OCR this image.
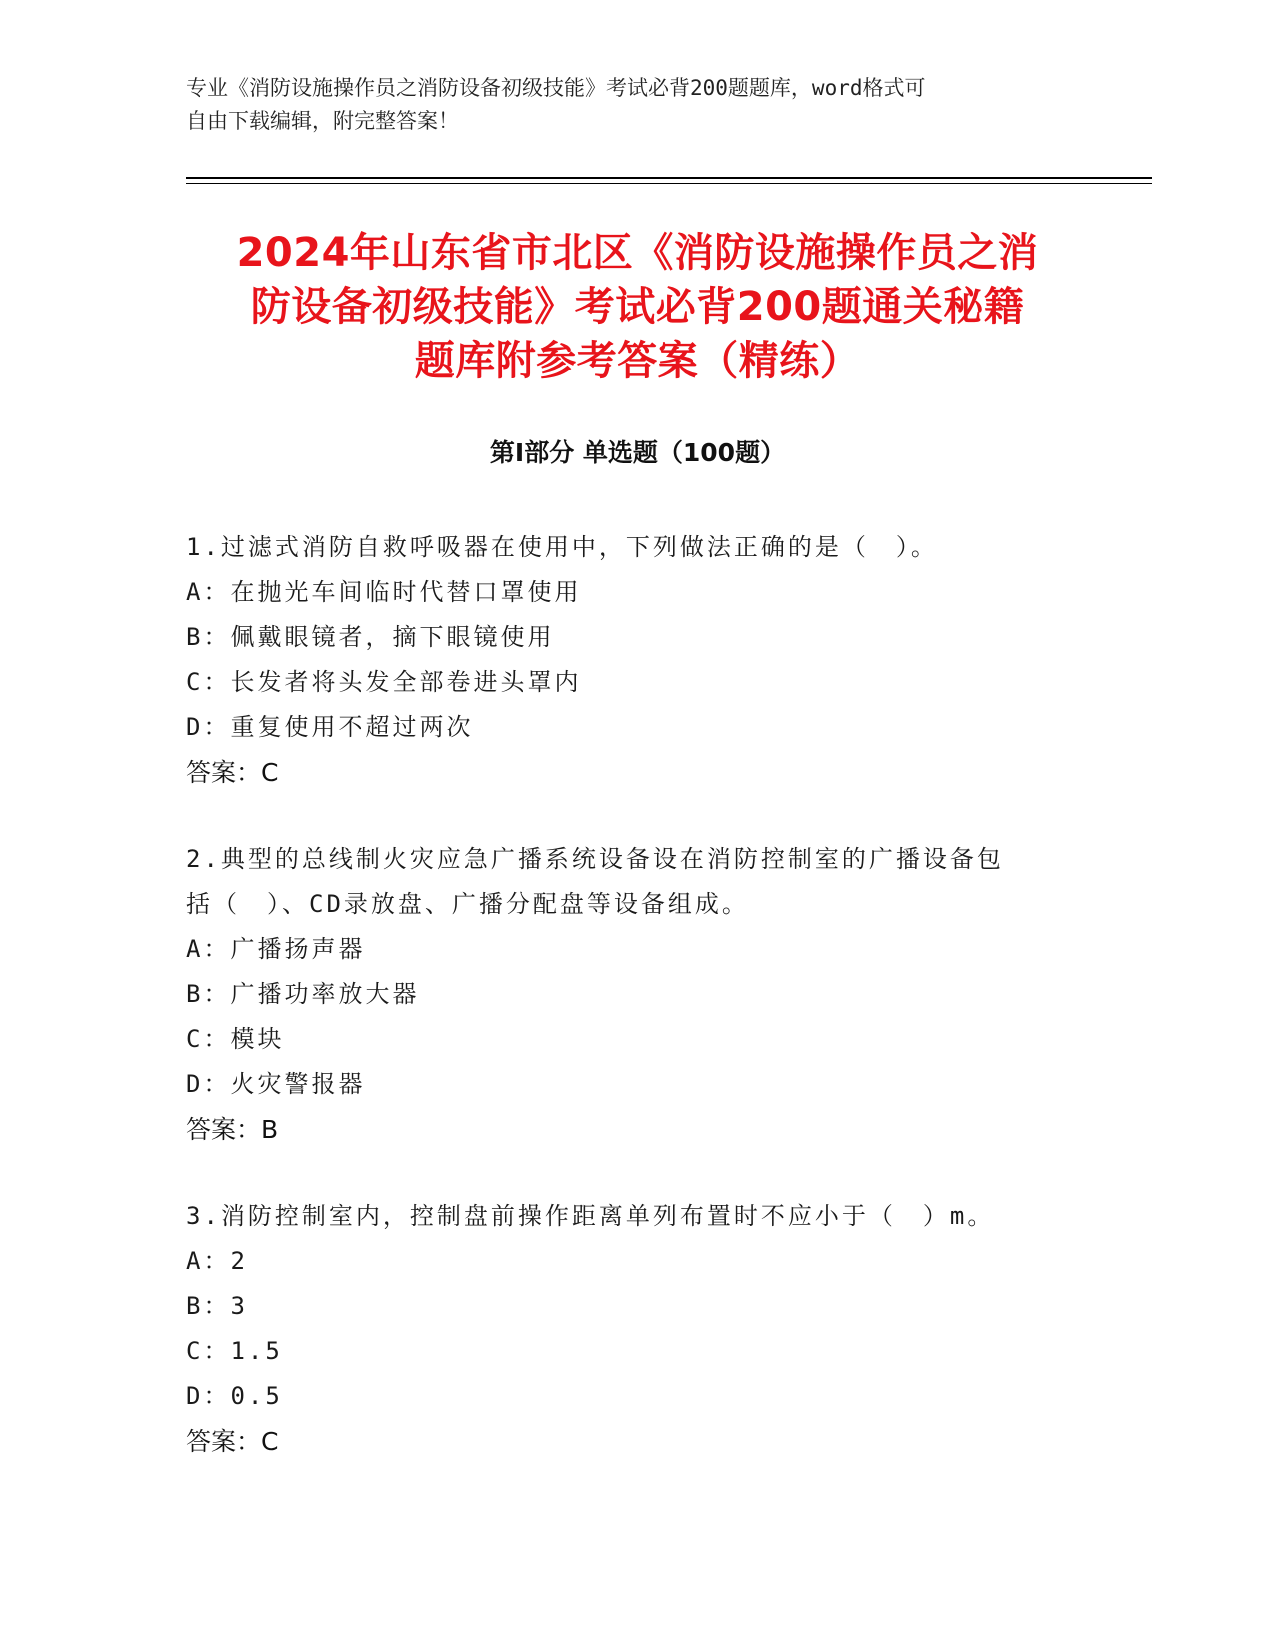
专业《消防设施操作员之消防设备初级技能》考试必背200题题库，word格式可
自由下载编辑，附完整答案！
2024年山东省市北区《消防设施操作员之消
防设备初级技能》考试必背200题通关秘籍
题库附参考答案（精练）
第Ⅰ部分 单选题（100题）
1.过滤式消防自救呼吸器在使用中，下列做法正确的是（　）。
A：在抛光车间临时代替口罩使用
B：佩戴眼镜者，摘下眼镜使用
C：长发者将头发全部卷进头罩内
D：重复使用不超过两次
答案：C
2.典型的总线制火灾应急广播系统设备设在消防控制室的广播设备包
括（　）、CD录放盘、广播分配盘等设备组成。
A：广播扬声器
B：广播功率放大器
C：模块
D：火灾警报器
答案：B
3.消防控制室内，控制盘前操作距离单列布置时不应小于（　）m。
A：2
B：3
C：1.5
D：0.5
答案：C
